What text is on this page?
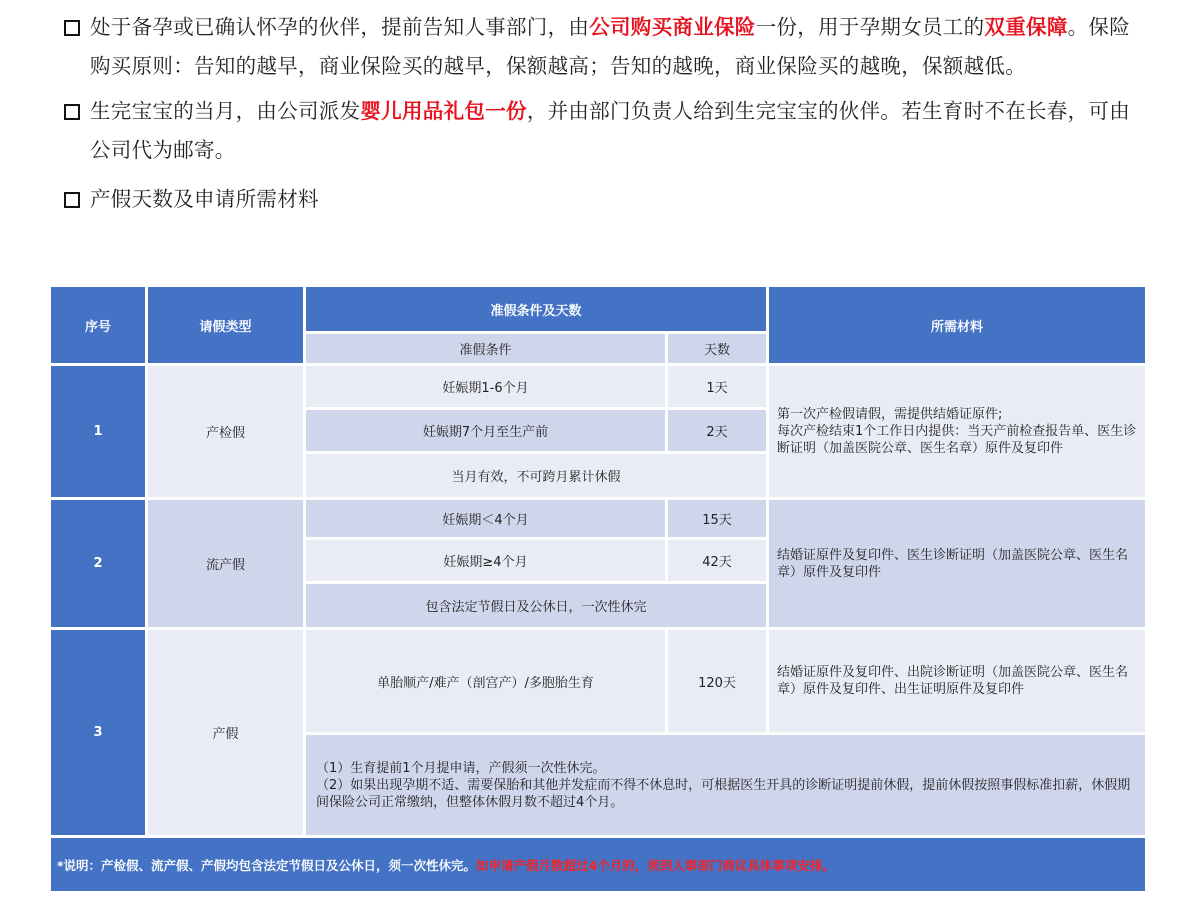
处于备孕或已确认怀孕的伙伴，提前告知人事部门，由公司购买商业保险一份，用于孕期女员工的双重保障。保险购买原则：告知的越早，商业保险买的越早，保额越高；告知的越晚，商业保险买的越晚，保额越低。
生完宝宝的当月，由公司派发婴儿用品礼包一份，并由部门负责人给到生完宝宝的伙伴。若生育时不在长春，可由公司代为邮寄。
产假天数及申请所需材料
序号	请假类型	准假条件及天数		所需材料
		准假条件	天数	
1	产检假	妊娠期1-6个月	1天	第一次产检假请假，需提供结婚证原件;
每次产检结束1个工作日内提供：当天产前检查报告单、医生诊断证明（加盖医院公章、医生名章）原件及复印件
		妊娠期7个月至生产前	2天	
		当月有效，不可跨月累计休假		
2	流产假	妊娠期＜4个月	15天	结婚证原件及复印件、医生诊断证明（加盖医院公章、医生名章）原件及复印件
		妊娠期≥4个月	42天	
		包含法定节假日及公休日，一次性休完		
3	产假	单胎顺产/难产（剖宫产）/多胞胎生育	120天	结婚证原件及复印件、出院诊断证明（加盖医院公章、医生名章）原件及复印件、出生证明原件及复印件
		（1）生育提前1个月提申请，产假须一次性休完。
（2）如果出现孕期不适、需要保胎和其他并发症而不得不休息时，可根据医生开具的诊断证明提前休假，提前休假按照事假标准扣薪，休假期间保险公司正常缴纳，但整体休假月数不超过4个月。		
*说明：产检假、流产假、产假均包含法定节假日及公休日，须一次性休完。如申请产假月数超过4个月的，须到人事部门商议具体事项安排。				
